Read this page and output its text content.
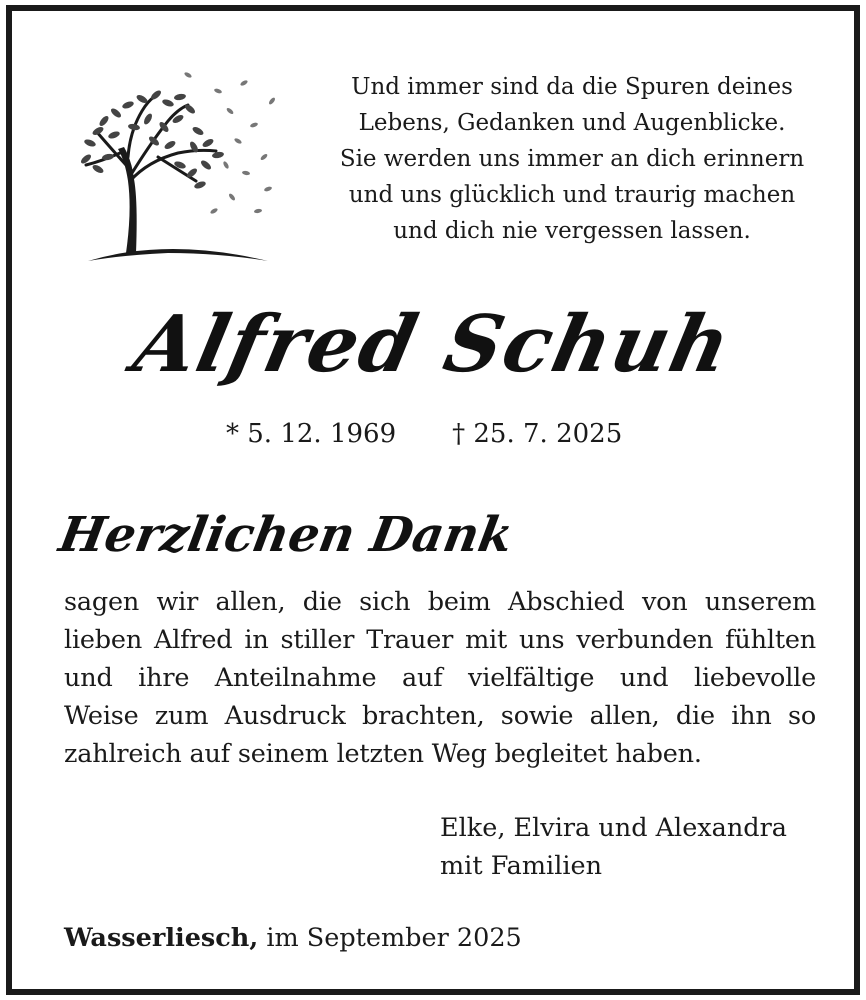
Und immer sind da die Spuren deines
Lebens, Gedanken und Augenblicke.
Sie werden uns immer an dich erinnern
und uns glücklich und traurig machen
und dich nie vergessen lassen.
Alfred Schuh
* 5. 12. 1969 † 25. 7. 2025
Herzlichen Dank
sagen wir allen, die sich beim Abschied von unserem
lieben Alfred in stiller Trauer mit uns verbunden fühlten
und ihre Anteilnahme auf vielfältige und liebevolle
Weise zum Ausdruck brachten, sowie allen, die ihn so
zahlreich auf seinem letzten Weg begleitet haben.
Elke, Elvira und Alexandra
mit Familien
Wasserliesch, im September 2025
